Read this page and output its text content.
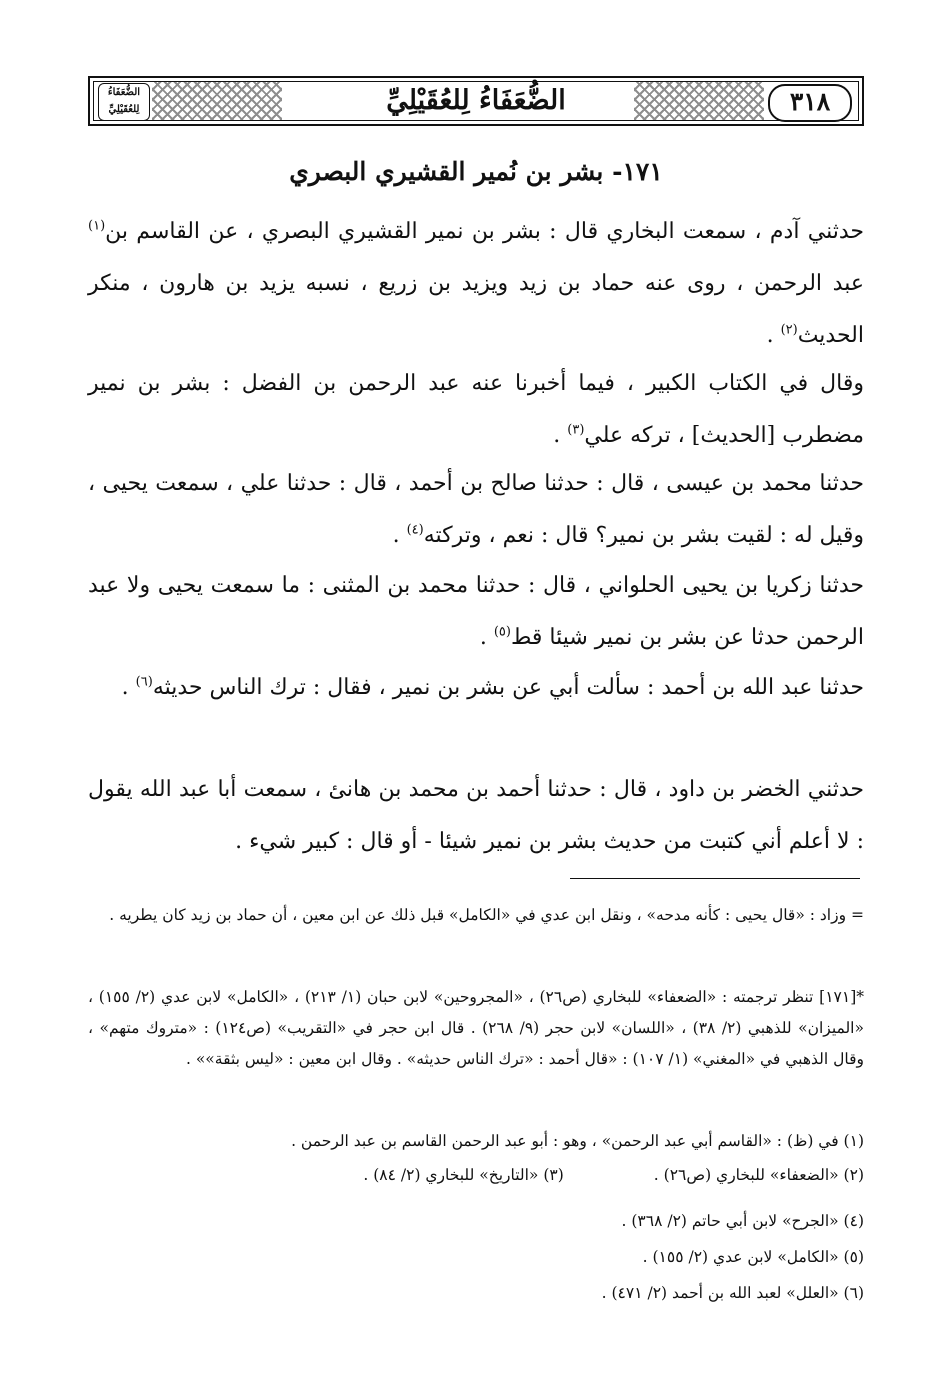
الضُّعَفَاءُ
لِلعُقَيْلِيِّ	الضُّعَفَاءُ لِلعُقَيْلِيِّ	٣١٨
١٧١- بشر بن نُمير القشيري البصري

حدثني آدم ، سمعت البخاري قال : بشر بن نمير القشيري البصري ، عن القاسم بن$^{(١)}$ عبد الرحمن ، روى عنه حماد بن زيد ويزيد بن زريع ، نسبه يزيد بن هارون ، منكر الحديث$^{(٢)}$ .

وقال في الكتاب الكبير ، فيما أخبرنا عنه عبد الرحمن بن الفضل : بشر بن نمير مضطرب [الحديث] ، تركه علي$^{(٣)}$ .

حدثنا محمد بن عيسى ، قال : حدثنا صالح بن أحمد ، قال : حدثنا علي ، سمعت يحيى ، وقيل له : لقيت بشر بن نمير؟ قال : نعم ، وتركته$^{(٤)}$ .

حدثنا زكريا بن يحيى الحلواني ، قال : حدثنا محمد بن المثنى : ما سمعت يحيى ولا عبد الرحمن حدثا عن بشر بن نمير شيئا قط$^{(٥)}$ .

حدثنا عبد الله بن أحمد : سألت أبي عن بشر بن نمير ، فقال : ترك الناس حديثه$^{(٦)}$ .

حدثني الخضر بن داود ، قال : حدثنا أحمد بن محمد بن هانئ ، سمعت أبا عبد الله يقول : لا أعلم أني كتبت من حديث بشر بن نمير شيئا - أو قال : كبير شيء .

= وزاد : «قال يحيى : كأنه مدحه» ، ونقل ابن عدي في «الكامل» قبل ذلك عن ابن معين ، أن حماد بن زيد كان يطريه .

*[١٧١] تنظر ترجمته : «الضعفاء» للبخاري (ص٢٦) ، «المجروحين» لابن حبان (١/ ٢١٣) ، «الكامل» لابن عدي (٢/ ١٥٥) ، «الميزان» للذهبي (٢/ ٣٨) ، «اللسان» لابن حجر (٩/ ٢٦٨) . قال ابن حجر في «التقريب» (ص١٢٤) : «متروك متهم» ، وقال الذهبي في «المغني» (١/ ١٠٧) : «قال أحمد : «ترك الناس حديثه» . وقال ابن معين : «ليس بثقة»» .

(١) في (ظ) : «القاسم أبي عبد الرحمن» ، وهو : أبو عبد الرحمن القاسم بن عبد الرحمن .

(٢) «الضعفاء» للبخاري (ص٢٦) .(٣) «التاريخ» للبخاري (٢/ ٨٤) .

(٤) «الجرح» لابن أبي حاتم (٢/ ٣٦٨) .

(٥) «الكامل» لابن عدي (٢/ ١٥٥) .

(٦) «العلل» لعبد الله بن أحمد (٢/ ٤٧١) .
